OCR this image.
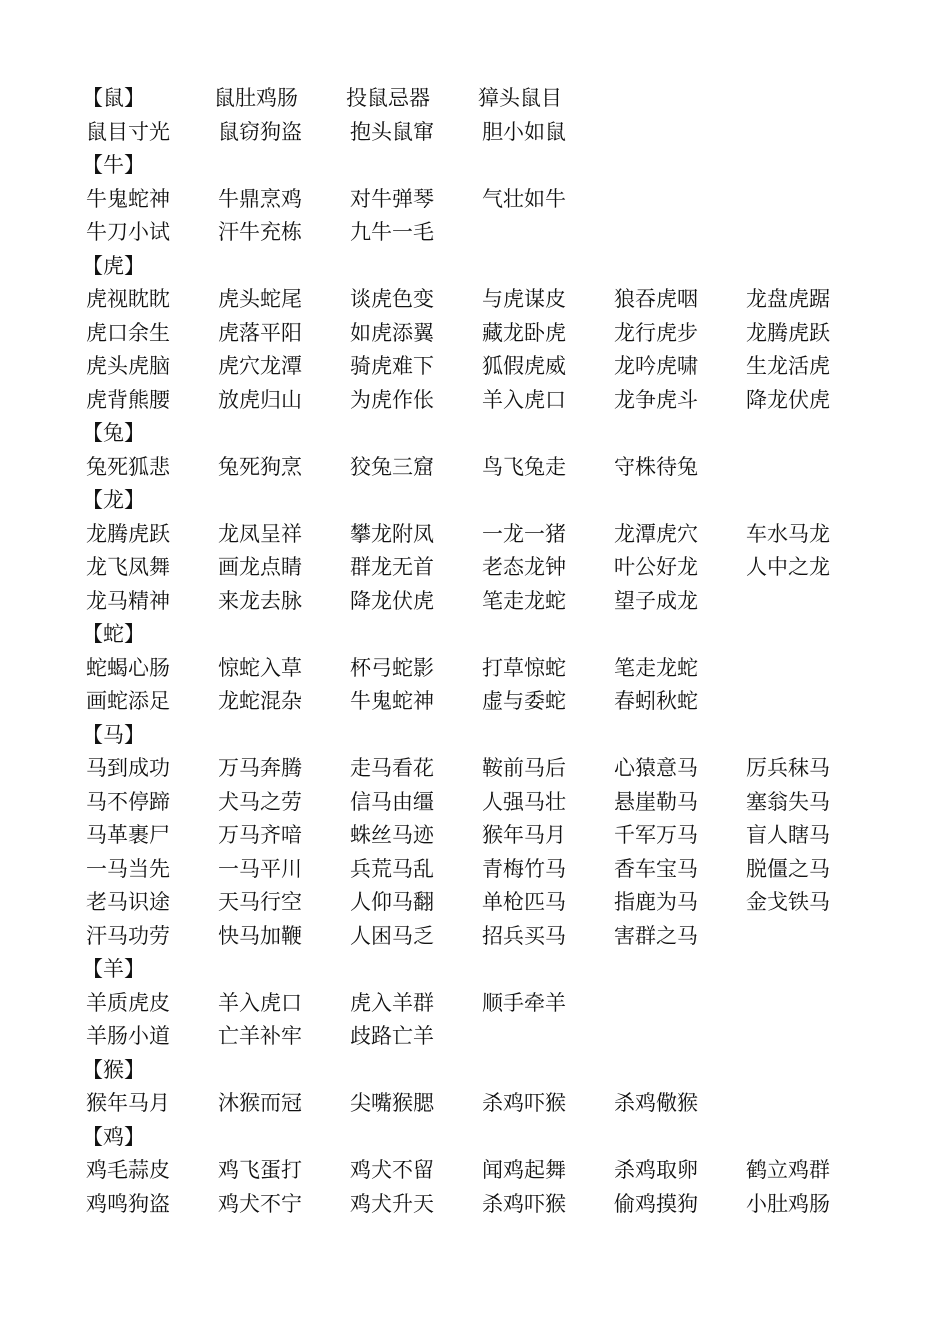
【鼠】	鼠肚鸡肠	投鼠忌器	獐头鼠目
鼠目寸光	鼠窃狗盗	抱头鼠窜	胆小如鼠
【牛】
牛鬼蛇神	牛鼎烹鸡	对牛弹琴	气壮如牛
牛刀小试	汗牛充栋	九牛一毛
【虎】
虎视眈眈	虎头蛇尾	谈虎色变	与虎谋皮	狼吞虎咽	龙盘虎踞
虎口余生	虎落平阳	如虎添翼	藏龙卧虎	龙行虎步	龙腾虎跃
虎头虎脑	虎穴龙潭	骑虎难下	狐假虎威	龙吟虎啸	生龙活虎
虎背熊腰	放虎归山	为虎作伥	羊入虎口	龙争虎斗	降龙伏虎
【兔】
兔死狐悲	兔死狗烹	狡兔三窟	鸟飞兔走	守株待兔
【龙】
龙腾虎跃	龙凤呈祥	攀龙附凤	一龙一猪	龙潭虎穴	车水马龙
龙飞凤舞	画龙点睛	群龙无首	老态龙钟	叶公好龙	人中之龙
龙马精神	来龙去脉	降龙伏虎	笔走龙蛇	望子成龙
【蛇】
蛇蝎心肠	惊蛇入草	杯弓蛇影	打草惊蛇	笔走龙蛇
画蛇添足	龙蛇混杂	牛鬼蛇神	虚与委蛇	春蚓秋蛇
【马】
马到成功	万马奔腾	走马看花	鞍前马后	心猿意马	厉兵秣马
马不停蹄	犬马之劳	信马由缰	人强马壮	悬崖勒马	塞翁失马
马革裹尸	万马齐喑	蛛丝马迹	猴年马月	千军万马	盲人瞎马
一马当先	一马平川	兵荒马乱	青梅竹马	香车宝马	脱僵之马
老马识途	天马行空	人仰马翻	单枪匹马	指鹿为马	金戈铁马
汗马功劳	快马加鞭	人困马乏	招兵买马	害群之马
【羊】
羊质虎皮	羊入虎口	虎入羊群	顺手牵羊
羊肠小道	亡羊补牢	歧路亡羊
【猴】
猴年马月	沐猴而冠	尖嘴猴腮	杀鸡吓猴	杀鸡儆猴
【鸡】
鸡毛蒜皮	鸡飞蛋打	鸡犬不留	闻鸡起舞	杀鸡取卵	鹤立鸡群
鸡鸣狗盗	鸡犬不宁	鸡犬升天	杀鸡吓猴	偷鸡摸狗	小肚鸡肠
